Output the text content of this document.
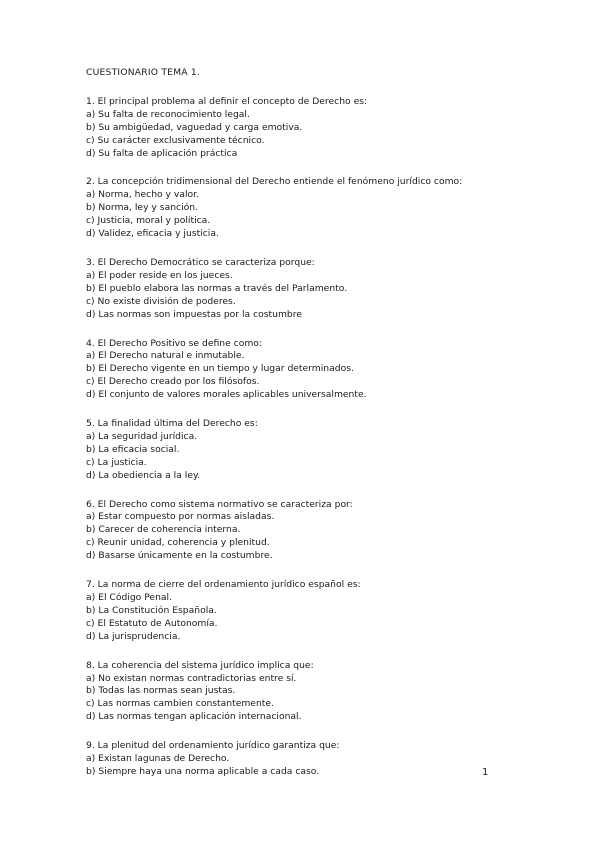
CUESTIONARIO TEMA 1.
1. El principal problema al definir el concepto de Derecho es:
a) Su falta de reconocimiento legal.
b) Su ambigüedad, vaguedad y carga emotiva.
c) Su carácter exclusivamente técnico.
d) Su falta de aplicación práctica
2. La concepción tridimensional del Derecho entiende el fenómeno jurídico como:
a) Norma, hecho y valor.
b) Norma, ley y sanción.
c) Justicia, moral y política.
d) Validez, eficacia y justicia.
3. El Derecho Democrático se caracteriza porque:
a) El poder reside en los jueces.
b) El pueblo elabora las normas a través del Parlamento.
c) No existe división de poderes.
d) Las normas son impuestas por la costumbre
4. El Derecho Positivo se define como:
a) El Derecho natural e inmutable.
b) El Derecho vigente en un tiempo y lugar determinados.
c) El Derecho creado por los filósofos.
d) El conjunto de valores morales aplicables universalmente.
5. La finalidad última del Derecho es:
a) La seguridad jurídica.
b) La eficacia social.
c) La justicia.
d) La obediencia a la ley.
6. El Derecho como sistema normativo se caracteriza por:
a) Estar compuesto por normas aisladas.
b) Carecer de coherencia interna.
c) Reunir unidad, coherencia y plenitud.
d) Basarse únicamente en la costumbre.
7. La norma de cierre del ordenamiento jurídico español es:
a) El Código Penal.
b) La Constitución Española.
c) El Estatuto de Autonomía.
d) La jurisprudencia.
8. La coherencia del sistema jurídico implica que:
a) No existan normas contradictorias entre sí.
b) Todas las normas sean justas.
c) Las normas cambien constantemente.
d) Las normas tengan aplicación internacional.
9. La plenitud del ordenamiento jurídico garantiza que:
a) Existan lagunas de Derecho.
b) Siempre haya una norma aplicable a cada caso.	1
